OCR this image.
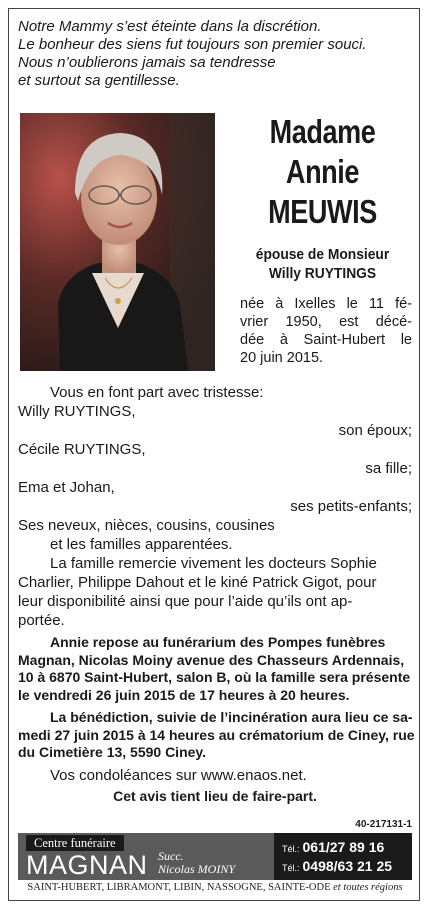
Notre Mammy s’est éteinte dans la discrétion.
Le bonheur des siens fut toujours son premier souci.
Nous n’oublierons jamais sa tendresse
et surtout sa gentillesse.
Madame
Annie
MEUWIS
épouse de Monsieur
Willy RUYTINGS
née à Ixelles le 11 fé-
vrier 1950, est décé-
dée à Saint-Hubert le
20 juin 2015.
Vous en font part avec tristesse:
Willy RUYTINGS,
son époux;
Cécile RUYTINGS,
sa fille;
Ema et Johan,
ses petits-enfants;
Ses neveux, nièces, cousins, cousines
et les familles apparentées.
La famille remercie vivement les docteurs Sophie
Charlier, Philippe Dahout et le kiné Patrick Gigot, pour
leur disponibilité ainsi que pour l’aide qu’ils ont ap-
portée.
Annie repose au funérarium des Pompes funèbres
Magnan, Nicolas Moiny avenue des Chasseurs Ardennais,
10 à 6870 Saint-Hubert, salon B, où la famille sera présente
le vendredi 26 juin 2015 de 17 heures à 20 heures.
La bénédiction, suivie de l’incinération aura lieu ce sa-
medi 27 juin 2015 à 14 heures au crématorium de Ciney, rue
du Cimetière 13, 5590 Ciney.
Vos condoléances sur www.enaos.net.
Cet avis tient lieu de faire-part.
40-217131-1
Centre funéraire
MAGNAN Succ.
Nicolas MOINY
Tél.: 061/27 89 16
Tél.: 0498/63 21 25
SAINT-HUBERT, LIBRAMONT, LIBIN, NASSOGNE, SAINTE-ODE et toutes régions
